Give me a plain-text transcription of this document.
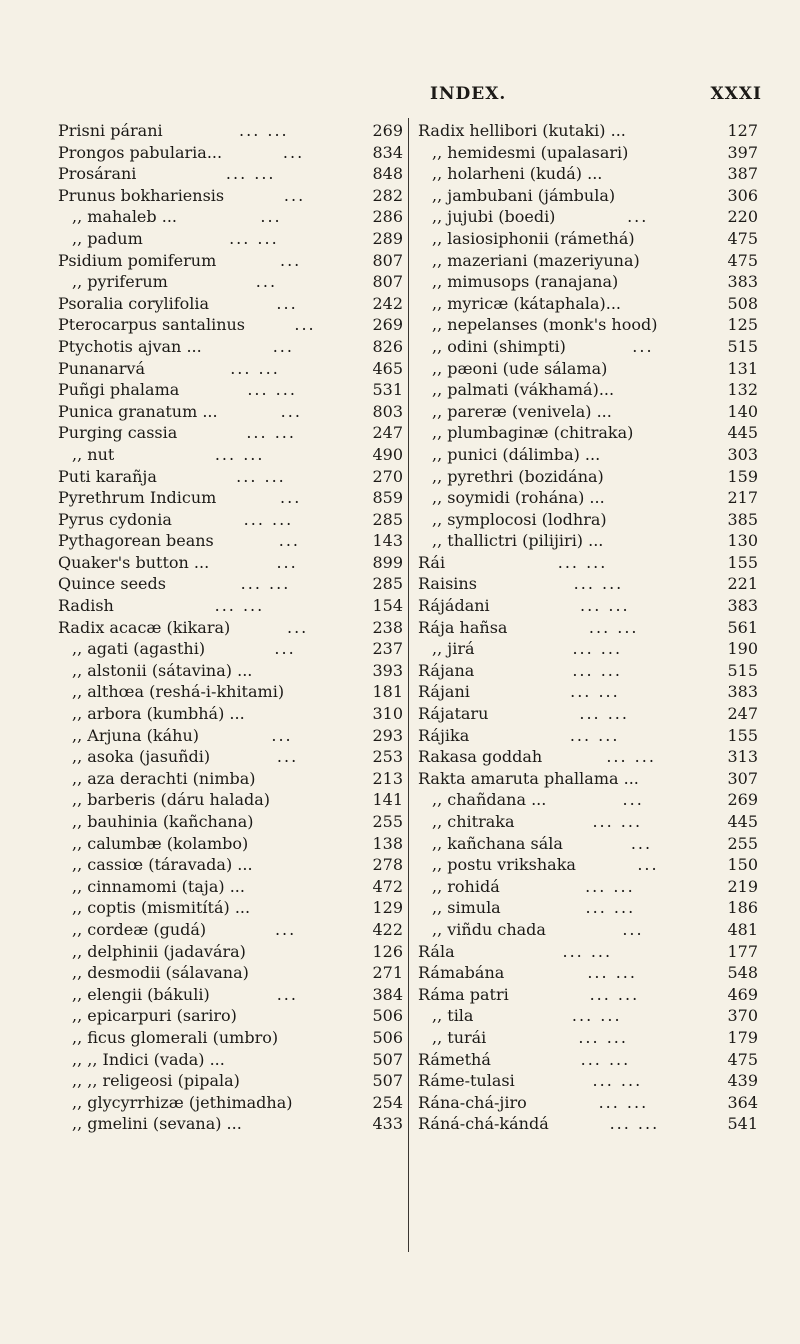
INDEX.	XXXI
Prisni párani	... ...	269
Prongos pabularia...	...	834
Prosárani	... ...	848
Prunus bokhariensis	...	282
,, mahaleb ...	...	286
,, padum	... ...	289
Psidium pomiferum	...	807
,, pyriferum	...	807
Psoralia corylifolia	...	242
Pterocarpus santalinus	...	269
Ptychotis ajvan ...	...	826
Punanarvá	... ...	465
Puñgi phalama	... ...	531
Punica granatum ...	...	803
Purging cassia	... ...	247
,, nut	... ...	490
Puti karañja	... ...	270
Pyrethrum Indicum	...	859
Pyrus cydonia	... ...	285
Pythagorean beans	...	143
Quaker's button ...	...	899
Quince seeds	... ...	285
Radish	... ...	154
Radix acacæ (kikara)	...	238
,, agati (agasthi)	...	237
,, alstonii (sátavina) ...	393
,, althœa (reshá-i-khitami)	181
,, arbora (kumbhá) ...	310
,, Arjuna (káhu)	...	293
,, asoka (jasuñdi)	...	253
,, aza derachti (nimba)	213
,, barberis (dáru halada)	141
,, bauhinia (kañchana)	255
,, calumbæ (kolambo)	138
,, cassiœ (táravada) ...	278
,, cinnamomi (taja) ...	472
,, coptis (mismitítá) ...	129
,, cordeæ (gudá)	...	422
,, delphinii (jadavára)	126
,, desmodii (sálavana)	271
,, elengii (bákuli)	...	384
,, epicarpuri (sariro)	506
,, ficus glomerali (umbro)	506
,, ,, Indici (vada) ...	507
,, ,, religeosi (pipala)	507
,, glycyrrhizæ (jethimadha)	254
,, gmelini (sevana) ...	433
Radix hellibori (kutaki) ...	127
,, hemidesmi (upalasari)	397
,, holarheni (kudá) ...	387
,, jambubani (jámbula)	306
,, jujubi (boedi)	...	220
,, lasiosiphonii (rámethá)	475
,, mazeriani (mazeriyuna)	475
,, mimusops (ranajana)	383
,, myricæ (kátaphala)...	508
,, nepelanses (monk's hood)	125
,, odini (shimpti)	...	515
,, pæoni (ude sálama)	131
,, palmati (vákhamá)...	132
,, pareræ (venivela) ...	140
,, plumbaginæ (chitraka)	445
,, punici (dálimba) ...	303
,, pyrethri (bozidána)	159
,, soymidi (rohána) ...	217
,, symplocosi (lodhra)	385
,, thallictri (pilijiri) ...	130
Rái	... ...	155
Raisins	... ...	221
Rájádani	... ...	383
Rája hañsa	... ...	561
,, jirá	... ...	190
Rájana	... ...	515
Rájani	... ...	383
Rájataru	... ...	247
Rájika	... ...	155
Rakasa goddah	... ...	313
Rakta amaruta phallama ...	307
,, chañdana ...	...	269
,, chitraka	... ...	445
,, kañchana sála	...	255
,, postu vrikshaka	...	150
,, rohidá	... ...	219
,, simula	... ...	186
,, viñdu chada	...	481
Rála	... ...	177
Rámabána	... ...	548
Ráma patri	... ...	469
,, tila	... ...	370
,, turái	... ...	179
Rámethá	... ...	475
Ráme-tulasi	... ...	439
Rána-chá-jiro	... ...	364
Ráná-chá-kándá	... ...	541
